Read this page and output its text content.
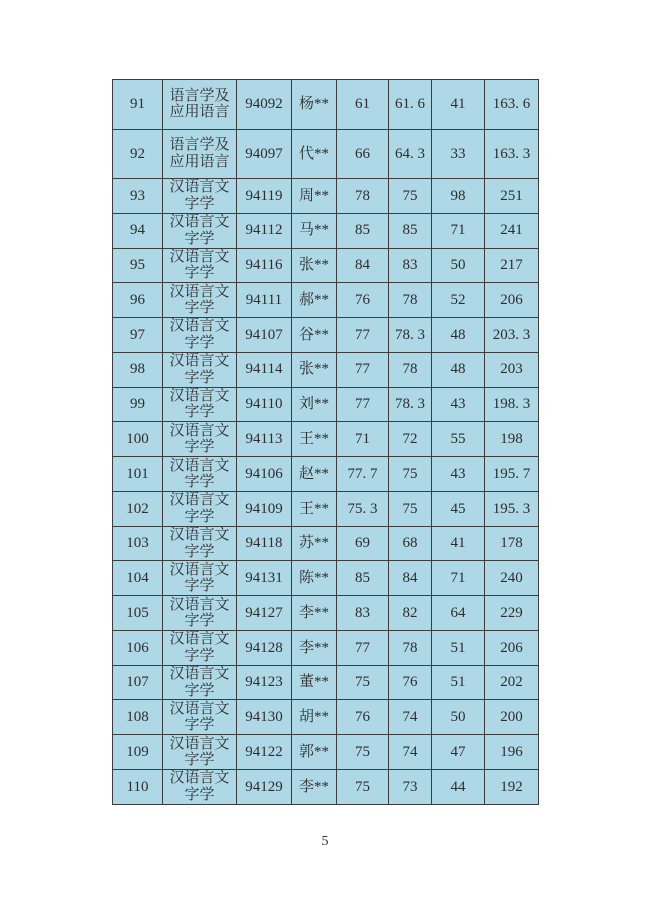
91	语言学及应用语言	94092	杨**	61	61. 6	41	163. 6
92	语言学及应用语言	94097	代**	66	64. 3	33	163. 3
93	汉语言文字学	94119	周**	78	75	98	251
94	汉语言文字学	94112	马**	85	85	71	241
95	汉语言文字学	94116	张**	84	83	50	217
96	汉语言文字学	94111	郝**	76	78	52	206
97	汉语言文字学	94107	谷**	77	78. 3	48	203. 3
98	汉语言文字学	94114	张**	77	78	48	203
99	汉语言文字学	94110	刘**	77	78. 3	43	198. 3
100	汉语言文字学	94113	王**	71	72	55	198
101	汉语言文字学	94106	赵**	77. 7	75	43	195. 7
102	汉语言文字学	94109	王**	75. 3	75	45	195. 3
103	汉语言文字学	94118	苏**	69	68	41	178
104	汉语言文字学	94131	陈**	85	84	71	240
105	汉语言文字学	94127	李**	83	82	64	229
106	汉语言文字学	94128	李**	77	78	51	206
107	汉语言文字学	94123	董**	75	76	51	202
108	汉语言文字学	94130	胡**	76	74	50	200
109	汉语言文字学	94122	郭**	75	74	47	196
110	汉语言文字学	94129	李**	75	73	44	192
5
